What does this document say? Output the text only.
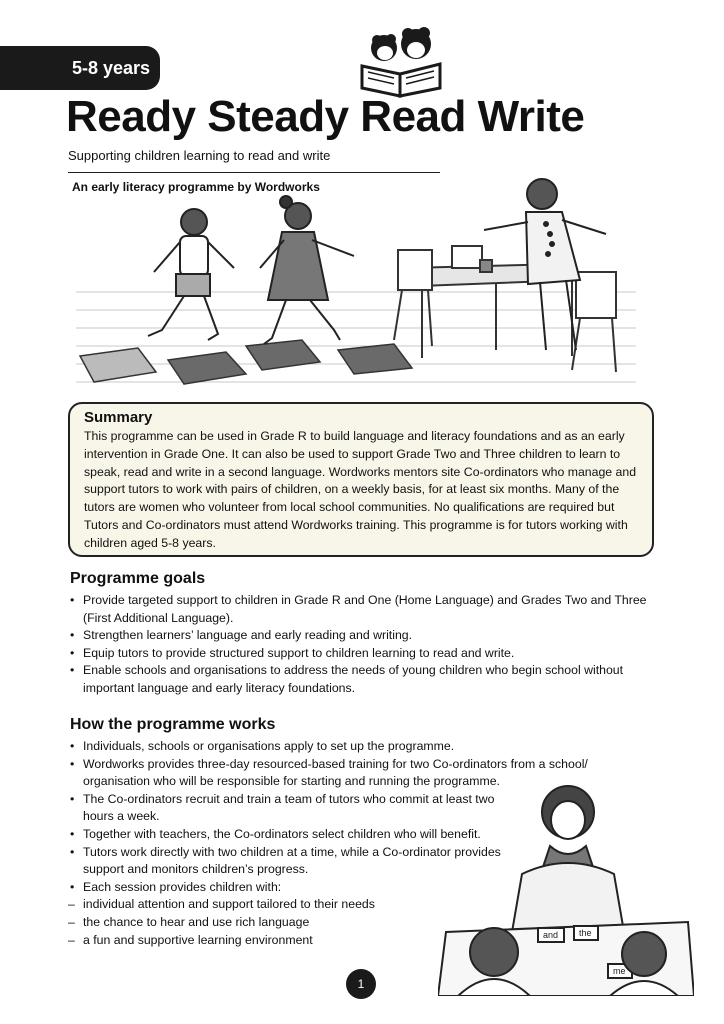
5-8 years
Ready Steady Read Write

Supporting children learning to read and write

An early literacy programme by Wordworks

Summary

This programme can be used in Grade R to build language and literacy foundations and as an early intervention in Grade One. It can also be used to support Grade Two and Three children to learn to speak, read and write in a second language. Wordworks mentors site Co-ordinators who manage and support tutors to work with pairs of children, on a weekly basis, for at least six months. Many of the tutors are women who volunteer from local school communities. No qualifications are required but Tutors and Co-ordinators must attend Wordworks training. This programme is for tutors working with children aged 5-8 years.

Programme goals
• Provide targeted support to children in Grade R and One (Home Language) and Grades Two and Three (First Additional Language).
• Strengthen learners’ language and early reading and writing.
• Equip tutors to provide structured support to children learning to read and write.
• Enable schools and organisations to address the needs of young children who begin school without important language and early literacy foundations.
How the programme works
• Individuals, schools or organisations apply to set up the programme.
• Wordworks provides three-day resourced-based training for two Co-ordinators from a school/ organisation who will be responsible for starting and running the programme.
• The Co-ordinators recruit and train a team of tutors who commit at least two hours a week.
• Together with teachers, the Co-ordinators select children who will benefit.
• Tutors work directly with two children at a time, while a Co-ordinator provides support and monitors children’s progress.
• Each session provides children with:
– individual attention and support tailored to their needs
– the chance to hear and use rich language
– a fun and supportive learning environment	and the
me
1
